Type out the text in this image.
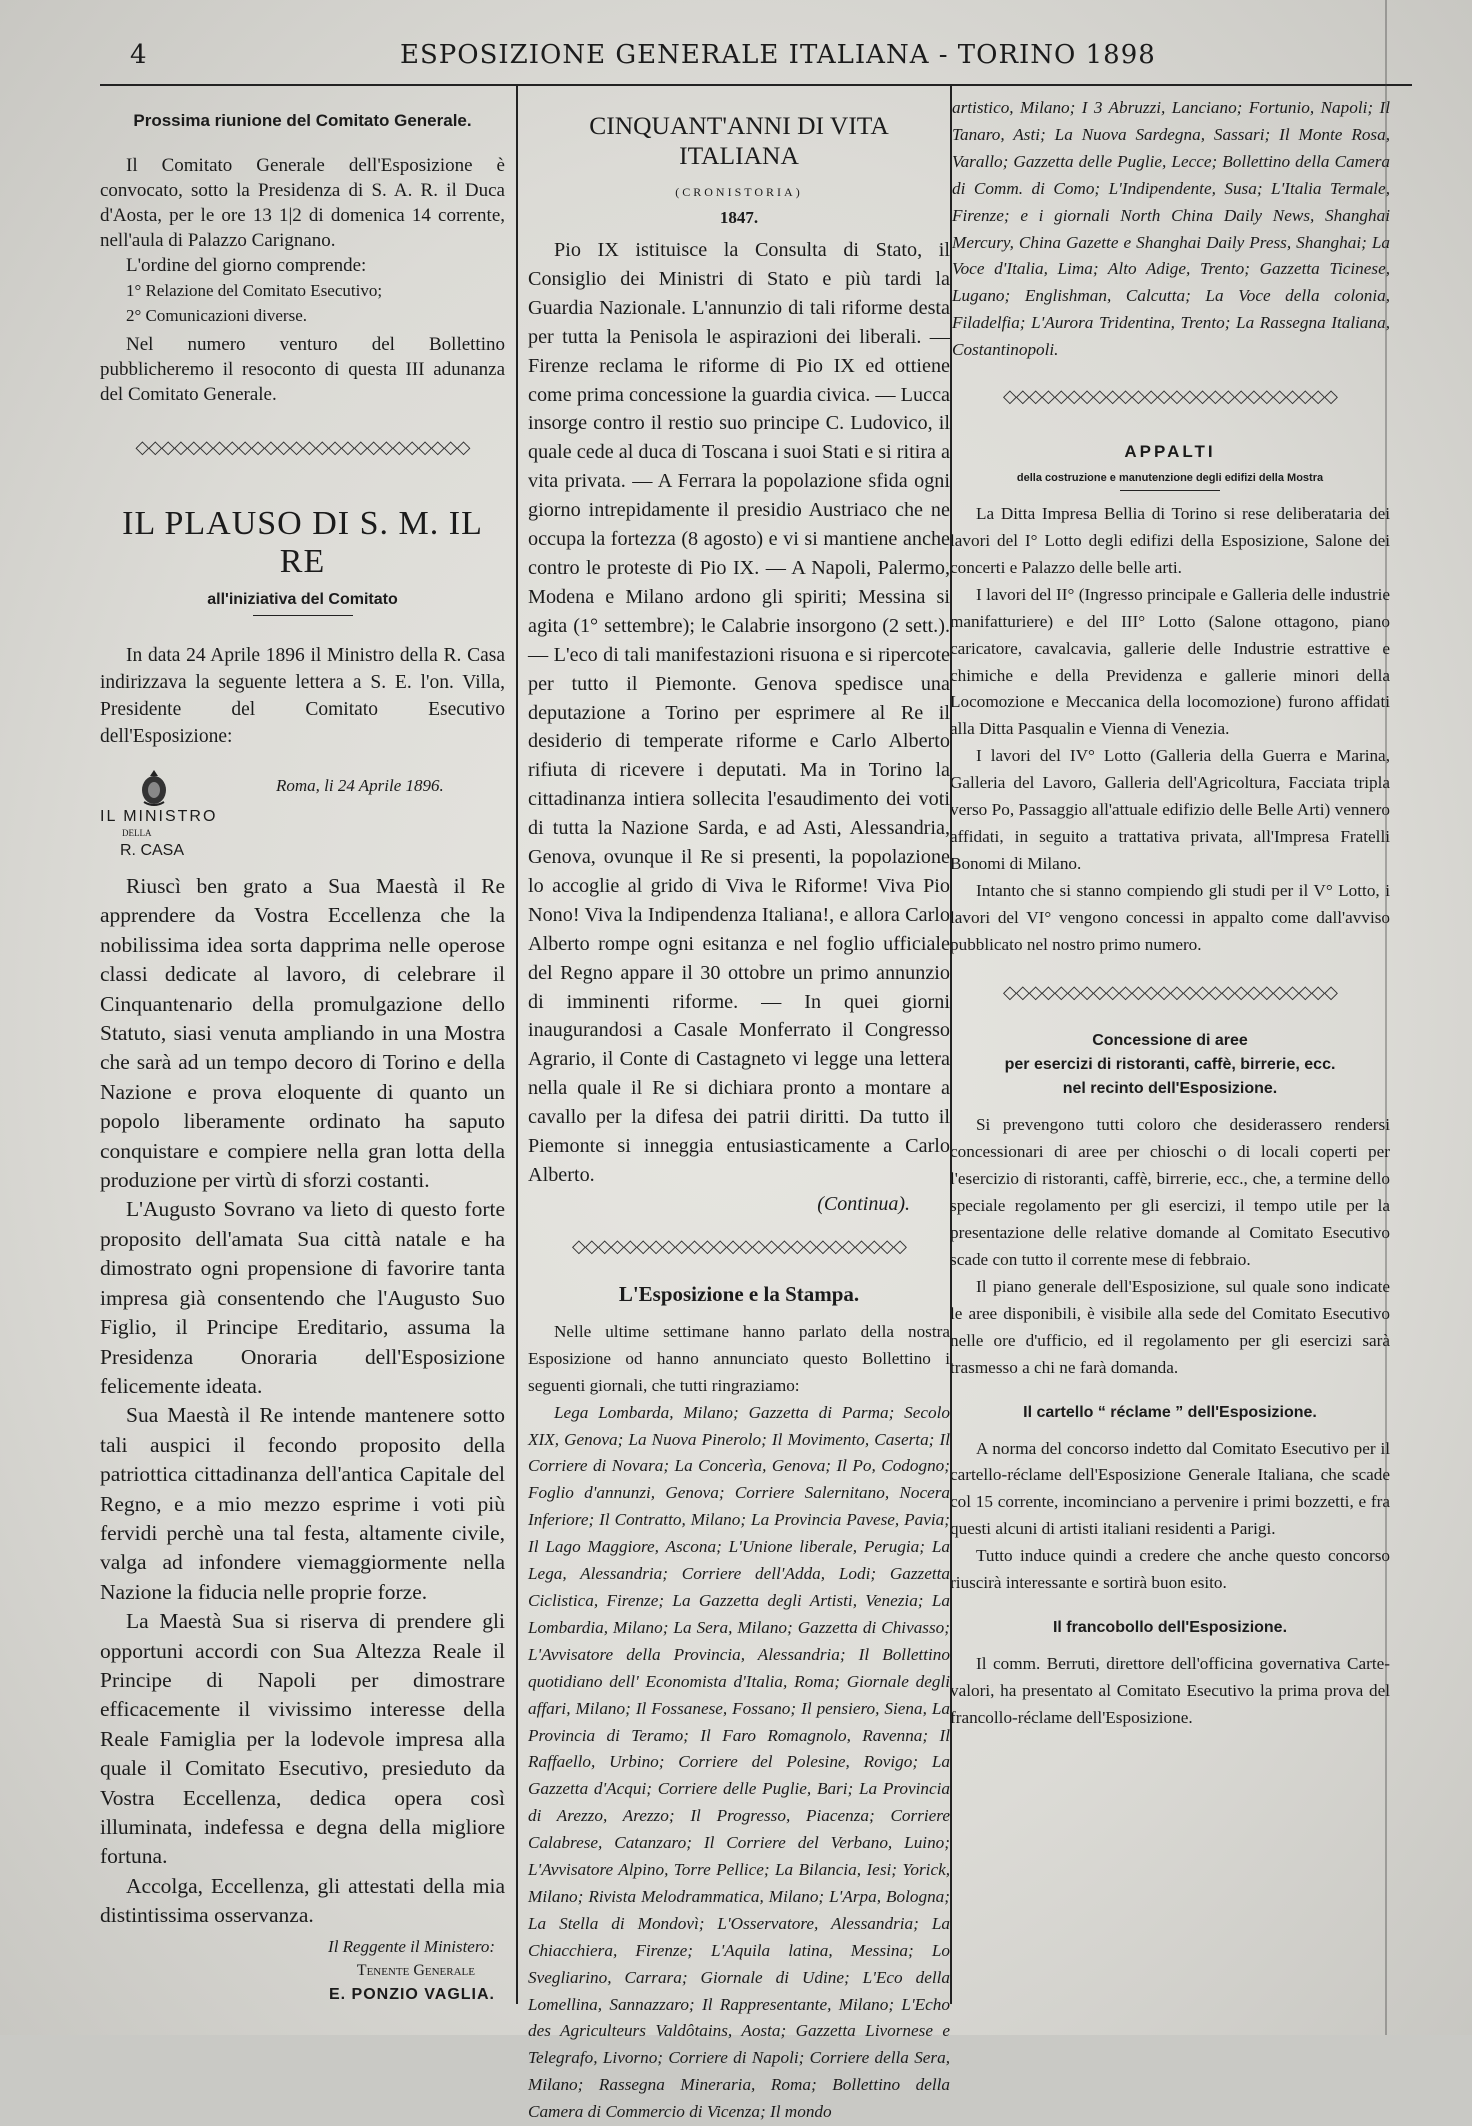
4	ESPOSIZIONE GENERALE ITALIANA - TORINO 1898

Prossima riunione del Comitato Generale.

Il Comitato Generale dell'Esposizione è convocato, sotto la Presidenza di S. A. R. il Duca d'Aosta, per le ore 13 1|2 di domenica 14 corrente, nell'aula di Palazzo Carignano.

L'ordine del giorno comprende:

1° Relazione del Comitato Esecutivo;

2° Comunicazioni diverse.

Nel numero venturo del Bollettino pubblicheremo il resoconto di questa III adunanza del Comitato Generale.

◇◇◇◇◇◇◇◇◇◇◇◇◇◇◇◇◇◇◇◇◇◇◇◇◇◇

IL PLAUSO DI S. M. IL RE

all'iniziativa del Comitato

In data 24 Aprile 1896 il Ministro della R. Casa indirizzava la seguente lettera a S. E. l'on. Villa, Presidente del Comitato Esecutivo dell'Esposizione:

Roma, li 24 Aprile 1896.
IL MINISTRO
DELLA
R. CASA

Riuscì ben grato a Sua Maestà il Re apprendere da Vostra Eccellenza che la nobilissima idea sorta dapprima nelle operose classi dedicate al lavoro, di celebrare il Cinquantenario della promulgazione dello Statuto, siasi venuta ampliando in una Mostra che sarà ad un tempo decoro di Torino e della Nazione e prova eloquente di quanto un popolo liberamente ordinato ha saputo conquistare e compiere nella gran lotta della produzione per virtù di sforzi costanti.

L'Augusto Sovrano va lieto di questo forte proposito dell'amata Sua città natale e ha dimostrato ogni propensione di favorire tanta impresa già consentendo che l'Augusto Suo Figlio, il Principe Ereditario, assuma la Presidenza Onoraria dell'Esposizione felicemente ideata.

Sua Maestà il Re intende mantenere sotto tali auspici il fecondo proposito della patriottica cittadinanza dell'antica Capitale del Regno, e a mio mezzo esprime i voti più fervidi perchè una tal festa, altamente civile, valga ad infondere viemaggiormente nella Nazione la fiducia nelle proprie forze.

La Maestà Sua si riserva di prendere gli opportuni accordi con Sua Altezza Reale il Principe di Napoli per dimostrare efficacemente il vivissimo interesse della Reale Famiglia per la lodevole impresa alla quale il Comitato Esecutivo, presieduto da Vostra Eccellenza, dedica opera così illuminata, indefessa e degna della migliore fortuna.

Accolga, Eccellenza, gli attestati della mia distintissima osservanza.

Il Reggente il Ministero:
Tenente Generale
E. PONZIO VAGLIA.

CINQUANT'ANNI DI VITA ITALIANA

(CRONISTORIA)

1847.

Pio IX istituisce la Consulta di Stato, il Consiglio dei Ministri di Stato e più tardi la Guardia Nazionale. L'annunzio di tali riforme desta per tutta la Penisola le aspirazioni dei liberali. — Firenze reclama le riforme di Pio IX ed ottiene come prima concessione la guardia civica. — Lucca insorge contro il restio suo principe C. Ludovico, il quale cede al duca di Toscana i suoi Stati e si ritira a vita privata. — A Ferrara la popolazione sfida ogni giorno intrepidamente il presidio Austriaco che ne occupa la fortezza (8 agosto) e vi si mantiene anche contro le proteste di Pio IX. — A Napoli, Palermo, Modena e Milano ardono gli spiriti; Messina si agita (1° settembre); le Calabrie insorgono (2 sett.). — L'eco di tali manifestazioni risuona e si ripercote per tutto il Piemonte. Genova spedisce una deputazione a Torino per esprimere al Re il desiderio di temperate riforme e Carlo Alberto rifiuta di ricevere i deputati. Ma in Torino la cittadinanza intiera sollecita l'esaudimento dei voti di tutta la Nazione Sarda, e ad Asti, Alessandria, Genova, ovunque il Re si presenti, la popolazione lo accoglie al grido di Viva le Riforme! Viva Pio Nono! Viva la Indipendenza Italiana!, e allora Carlo Alberto rompe ogni esitanza e nel foglio ufficiale del Regno appare il 30 ottobre un primo annunzio di imminenti riforme. — In quei giorni inaugurandosi a Casale Monferrato il Congresso Agrario, il Conte di Castagneto vi legge una lettera nella quale il Re si dichiara pronto a montare a cavallo per la difesa dei patrii diritti. Da tutto il Piemonte si inneggia entusiasticamente a Carlo Alberto.

(Continua).

◇◇◇◇◇◇◇◇◇◇◇◇◇◇◇◇◇◇◇◇◇◇◇◇◇◇

L'Esposizione e la Stampa.

Nelle ultime settimane hanno parlato della nostra Esposizione od hanno annunciato questo Bollettino i seguenti giornali, che tutti ringraziamo:

Lega Lombarda, Milano; Gazzetta di Parma; Secolo XIX, Genova; La Nuova Pinerolo; Il Movimento, Caserta; Il Corriere di Novara; La Concerìa, Genova; Il Po, Codogno; Foglio d'annunzi, Genova; Corriere Salernitano, Nocera Inferiore; Il Contratto, Milano; La Provincia Pavese, Pavia; Il Lago Maggiore, Ascona; L'Unione liberale, Perugia; La Lega, Alessandria; Corriere dell'Adda, Lodi; Gazzetta Ciclistica, Firenze; La Gazzetta degli Artisti, Venezia; La Lombardia, Milano; La Sera, Milano; Gazzetta di Chivasso; L'Avvisatore della Provincia, Alessandria; Il Bollettino quotidiano dell' Economista d'Italia, Roma; Giornale degli affari, Milano; Il Fossanese, Fossano; Il pensiero, Siena, La Provincia di Teramo; Il Faro Romagnolo, Ravenna; Il Raffaello, Urbino; Corriere del Polesine, Rovigo; La Gazzetta d'Acqui; Corriere delle Puglie, Bari; La Provincia di Arezzo, Arezzo; Il Progresso, Piacenza; Corriere Calabrese, Catanzaro; Il Corriere del Verbano, Luino; L'Avvisatore Alpino, Torre Pellice; La Bilancia, Iesi; Yorick, Milano; Rivista Melodrammatica, Milano; L'Arpa, Bologna; La Stella di Mondovì; L'Osservatore, Alessandria; La Chiacchiera, Firenze; L'Aquila latina, Messina; Lo Svegliarino, Carrara; Giornale di Udine; L'Eco della Lomellina, Sannazzaro; Il Rappresentante, Milano; L'Echo des Agriculteurs Valdôtains, Aosta; Gazzetta Livornese e Telegrafo, Livorno; Corriere di Napoli; Corriere della Sera, Milano; Rassegna Mineraria, Roma; Bollettino della Camera di Commercio di Vicenza; Il mondo

artistico, Milano; I 3 Abruzzi, Lanciano; Fortunio, Napoli; Il Tanaro, Asti; La Nuova Sardegna, Sassari; Il Monte Rosa, Varallo; Gazzetta delle Puglie, Lecce; Bollettino della Camera di Comm. di Como; L'Indipendente, Susa; L'Italia Termale, Firenze; e i giornali North China Daily News, Shanghai Mercury, China Gazette e Shanghai Daily Press, Shanghai; La Voce d'Italia, Lima; Alto Adige, Trento; Gazzetta Ticinese, Lugano; Englishman, Calcutta; La Voce della colonia, Filadelfia; L'Aurora Tridentina, Trento; La Rassegna Italiana, Costantinopoli.

◇◇◇◇◇◇◇◇◇◇◇◇◇◇◇◇◇◇◇◇◇◇◇◇◇◇

APPALTI

della costruzione e manutenzione degli edifizi della Mostra

La Ditta Impresa Bellia di Torino si rese deliberataria dei lavori del I° Lotto degli edifizi della Esposizione, Salone dei concerti e Palazzo delle belle arti.

I lavori del II° (Ingresso principale e Galleria delle industrie manifatturiere) e del III° Lotto (Salone ottagono, piano caricatore, cavalcavia, gallerie delle Industrie estrattive e chimiche e della Previdenza e gallerie minori della Locomozione e Meccanica della locomozione) furono affidati alla Ditta Pasqualin e Vienna di Venezia.

I lavori del IV° Lotto (Galleria della Guerra e Marina, Galleria del Lavoro, Galleria dell'Agricoltura, Facciata tripla verso Po, Passaggio all'attuale edifizio delle Belle Arti) vennero affidati, in seguito a trattativa privata, all'Impresa Fratelli Bonomi di Milano.

Intanto che si stanno compiendo gli studi per il V° Lotto, i lavori del VI° vengono concessi in appalto come dall'avviso pubblicato nel nostro primo numero.

◇◇◇◇◇◇◇◇◇◇◇◇◇◇◇◇◇◇◇◇◇◇◇◇◇◇

Concessione di aree

per esercizi di ristoranti, caffè, birrerie, ecc.

nel recinto dell'Esposizione.

Si prevengono tutti coloro che desiderassero rendersi concessionari di aree per chioschi o di locali coperti per l'esercizio di ristoranti, caffè, birrerie, ecc., che, a termine dello speciale regolamento per gli esercizi, il tempo utile per la presentazione delle relative domande al Comitato Esecutivo scade con tutto il corrente mese di febbraio.

Il piano generale dell'Esposizione, sul quale sono indicate le aree disponibili, è visibile alla sede del Comitato Esecutivo nelle ore d'ufficio, ed il regolamento per gli esercizi sarà trasmesso a chi ne farà domanda.

Il cartello “ réclame ” dell'Esposizione.

A norma del concorso indetto dal Comitato Esecutivo per il cartello-réclame dell'Esposizione Generale Italiana, che scade col 15 corrente, incominciano a pervenire i primi bozzetti, e fra questi alcuni di artisti italiani residenti a Parigi.

Tutto induce quindi a credere che anche questo concorso riuscirà interessante e sortirà buon esito.

Il francobollo dell'Esposizione.

Il comm. Berruti, direttore dell'officina governativa Carte-valori, ha presentato al Comitato Esecutivo la prima prova del francollo-réclame dell'Esposizione.
